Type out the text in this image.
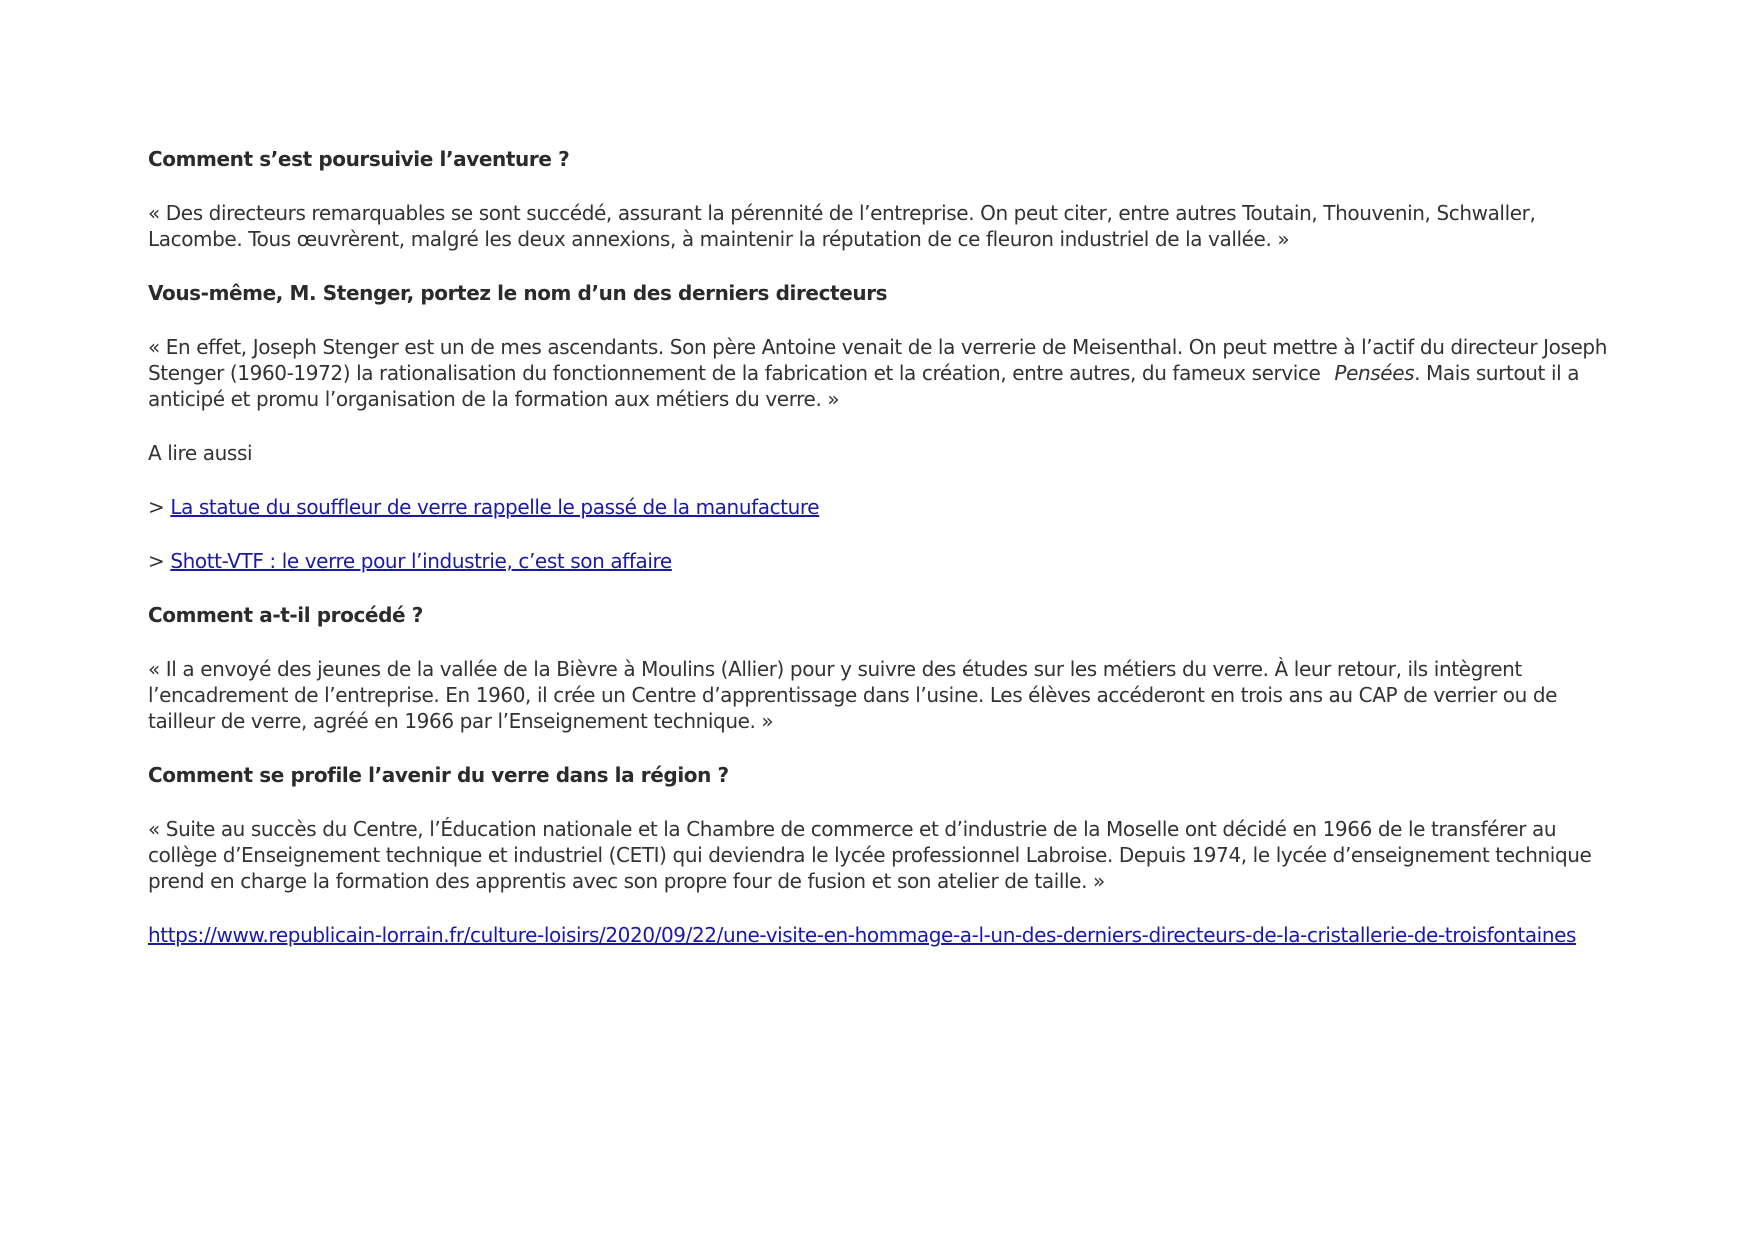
Comment s’est poursuivie l’aventure ?

« Des directeurs remarquables se sont succédé, assurant la pérennité de l’entreprise. On peut citer, entre autres Toutain, Thouvenin, Schwaller, Lacombe. Tous œuvrèrent, malgré les deux annexions, à maintenir la réputation de ce fleuron industriel de la vallée. »

Vous-même, M. Stenger, portez le nom d’un des derniers directeurs

« En effet, Joseph Stenger est un de mes ascendants. Son père Antoine venait de la verrerie de Meisenthal. On peut mettre à l’actif du directeur Joseph Stenger (1960-1972) la rationalisation du fonctionnement de la fabrication et la création, entre autres, du fameux service Pensées. Mais surtout il a anticipé et promu l’organisation de la formation aux métiers du verre. »

A lire aussi

> La statue du souffleur de verre rappelle le passé de la manufacture

> Shott-VTF : le verre pour l’industrie, c’est son affaire

Comment a-t-il procédé ?

« Il a envoyé des jeunes de la vallée de la Bièvre à Moulins (Allier) pour y suivre des études sur les métiers du verre. À leur retour, ils intègrent l’encadrement de l’entreprise. En 1960, il crée un Centre d’apprentissage dans l’usine. Les élèves accéderont en trois ans au CAP de verrier ou de tailleur de verre, agréé en 1966 par l’Enseignement technique. »

Comment se profile l’avenir du verre dans la région ?

« Suite au succès du Centre, l’Éducation nationale et la Chambre de commerce et d’industrie de la Moselle ont décidé en 1966 de le transférer au collège d’Enseignement technique et industriel (CETI) qui deviendra le lycée professionnel Labroise. Depuis 1974, le lycée d’enseignement technique prend en charge la formation des apprentis avec son propre four de fusion et son atelier de taille. »

https://www.republicain-lorrain.fr/culture-loisirs/2020/09/22/une-visite-en-hommage-a-l-un-des-derniers-directeurs-de-la-cristallerie-de-troisfontaines
